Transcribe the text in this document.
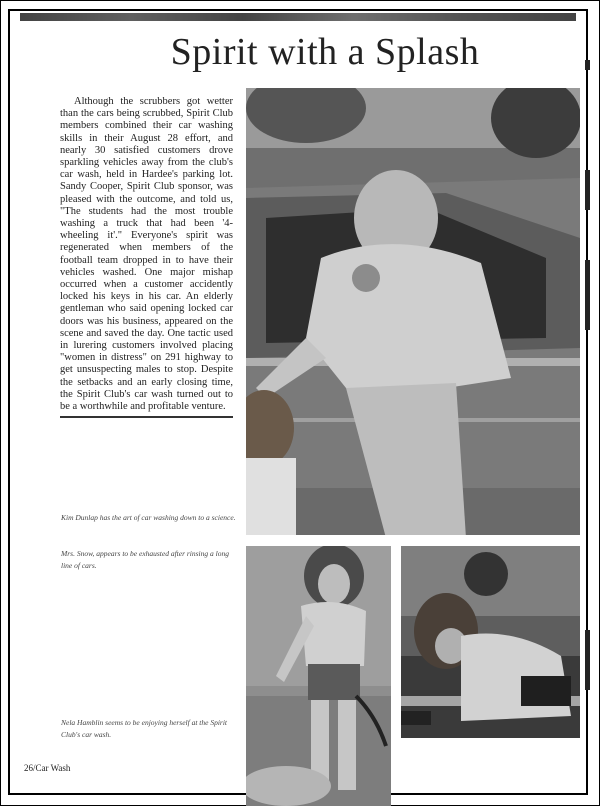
Spirit with a Splash

Although the scrubbers got wetter than the cars being scrubbed, Spirit Club members combined their car washing skills in their August 28 effort, and nearly 30 satisfied customers drove sparkling vehicles away from the club's car wash, held in Hardee's parking lot. Sandy Cooper, Spirit Club sponsor, was pleased with the outcome, and told us, "The students had the most trouble washing a truck that had been '4-wheeling it'." Everyone's spirit was regenerated when members of the football team dropped in to have their vehicles washed. One major mishap occurred when a customer accidently locked his keys in his car. An elderly gentleman who said opening locked car doors was his business, appeared on the scene and saved the day. One tactic used in lurering customers involved placing "women in distress" on 291 highway to get unsuspecting males to stop. Despite the setbacks and an early closing time, the Spirit Club's car wash turned out to be a worthwhile and profitable venture.

Kim Dunlap has the art of car washing down to a science.

Mrs. Snow, appears to be exhausted after rinsing a long line of cars.

Nela Hamblin seems to be enjoying herself at the Spirit Club's car wash.

26/Car Wash
